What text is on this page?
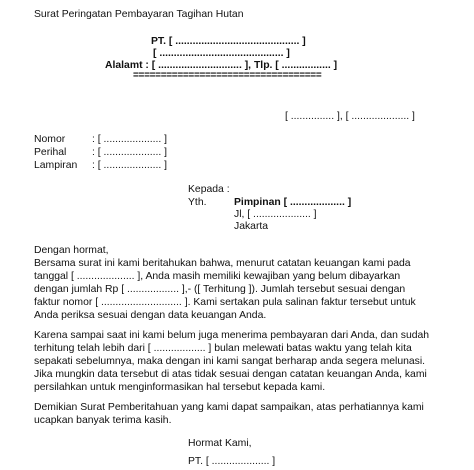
Surat Peringatan Pembayaran Tagihan Hutan
PT. [ ........................................... ]
[ ........................................... ]
Alalamt : [ ............................. ], Tlp. [ ................. ]
==================================
[ ............... ], [ .................... ]
Nomor	: [ .................... ]
Perihal : [ .................... ]
Lampiran : [ .................... ]
Kepada :
Yth.	Pimpinan [ ................... ]
Jl, [ .................... ]
Jakarta
Dengan hormat,
Bersama surat ini kami beritahukan bahwa, menurut catatan keuangan kami pada
tanggal [ .................... ], Anda masih memiliki kewajiban yang belum dibayarkan
dengan jumlah Rp [ .................. ],- ([ Terhitung ]). Jumlah tersebut sesuai dengan
faktur nomor [ ............................ ]. Kami sertakan pula salinan faktur tersebut untuk
Anda periksa sesuai dengan data keuangan Anda.
Karena sampai saat ini kami belum juga menerima pembayaran dari Anda, dan sudah
terhitung telah lebih dari [ .................. ] bulan melewati batas waktu yang telah kita
sepakati sebelumnya, maka dengan ini kami sangat berharap anda segera melunasi.
Jika mungkin data tersebut di atas tidak sesuai dengan catatan keuangan Anda, kami
persilahkan untuk menginformasikan hal tersebut kepada kami.
Demikian Surat Pemberitahuan yang kami dapat sampaikan, atas perhatiannya kami
ucapkan banyak terima kasih.
Hormat Kami,
PT. [ .................... ]
